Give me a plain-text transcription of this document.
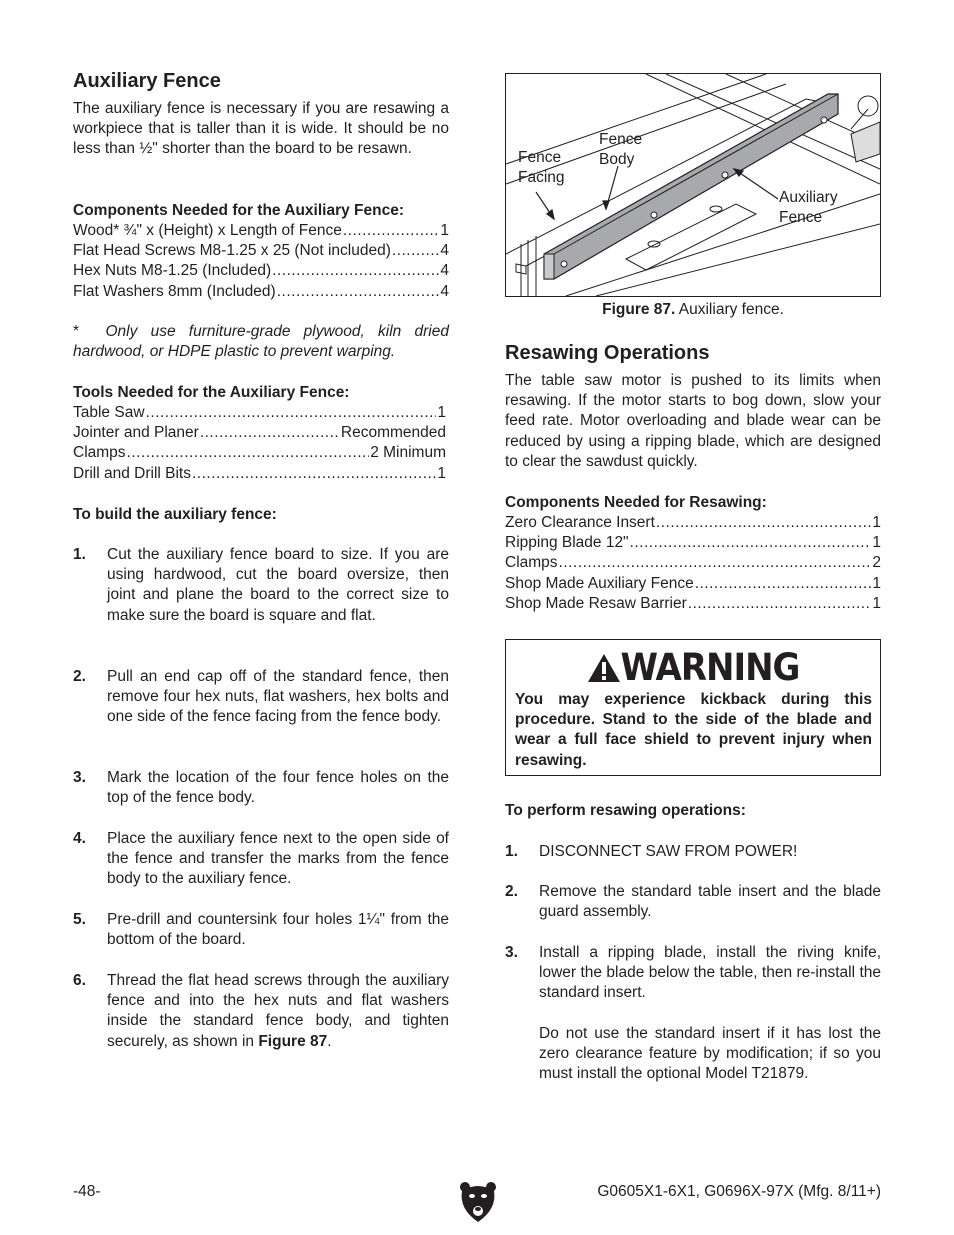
Auxiliary Fence

The auxiliary fence is necessary if you are resawing a workpiece that is taller than it is wide. It should be no less than ½" shorter than the board to be resawn.

Components Needed for the Auxiliary Fence:

Wood* ¾" x (Height) x Length of Fence .....	1
Flat Head Screws M8-1.25 x 25 (Not included) .....	4
Hex Nuts M8-1.25 (Included) .....	4
Flat Washers 8mm (Included) .....	4

* Only use furniture-grade plywood, kiln dried hardwood, or HDPE plastic to prevent warping.

Tools Needed for the Auxiliary Fence:

Table Saw .....	1
Jointer and Planer .....	Recommended
Clamps .....	2 Minimum
Drill and Drill Bits .....	1

To build the auxiliary fence:

1. Cut the auxiliary fence board to size. If you are using hardwood, cut the board oversize, then joint and plane the board to the correct size to make sure the board is square and flat.
2. Pull an end cap off of the standard fence, then remove four hex nuts, flat washers, hex bolts and one side of the fence facing from the fence body.
3. Mark the location of the four fence holes on the top of the fence body.
4. Place the auxiliary fence next to the open side of the fence and transfer the marks from the fence body to the auxiliary fence.
5. Pre-drill and countersink four holes 1¼" from the bottom of the board.
6. Thread the flat head screws through the auxiliary fence and into the hex nuts and flat washers inside the standard fence body, and tighten securely, as shown in Figure 87.
Fence Facing
Fence Body
Auxiliary Fence
Figure 87. Auxiliary fence.
Resawing Operations

The table saw motor is pushed to its limits when resawing. If the motor starts to bog down, slow your feed rate. Motor overloading and blade wear can be reduced by using a ripping blade, which are designed to clear the sawdust quickly.

Components Needed for Resawing:

Zero Clearance Insert .....	1
Ripping Blade 12" .....	1
Clamps .....	2
Shop Made Auxiliary Fence .....	1
Shop Made Resaw Barrier .....	1

To perform resawing operations:

1. DISCONNECT SAW FROM POWER!
2. Remove the standard table insert and the blade guard assembly.
3. Install a ripping blade, install the riving knife, lower the blade below the table, then re-install the standard insert.
Do not use the standard insert if it has lost the zero clearance feature by modification; if so you must install the optional Model T21879.
WARNING
You may experience kickback during this procedure. Stand to the side of the blade and wear a full face shield to prevent injury when resawing.
-48-	G0605X1-6X1, G0696X-97X (Mfg. 8/11+)
